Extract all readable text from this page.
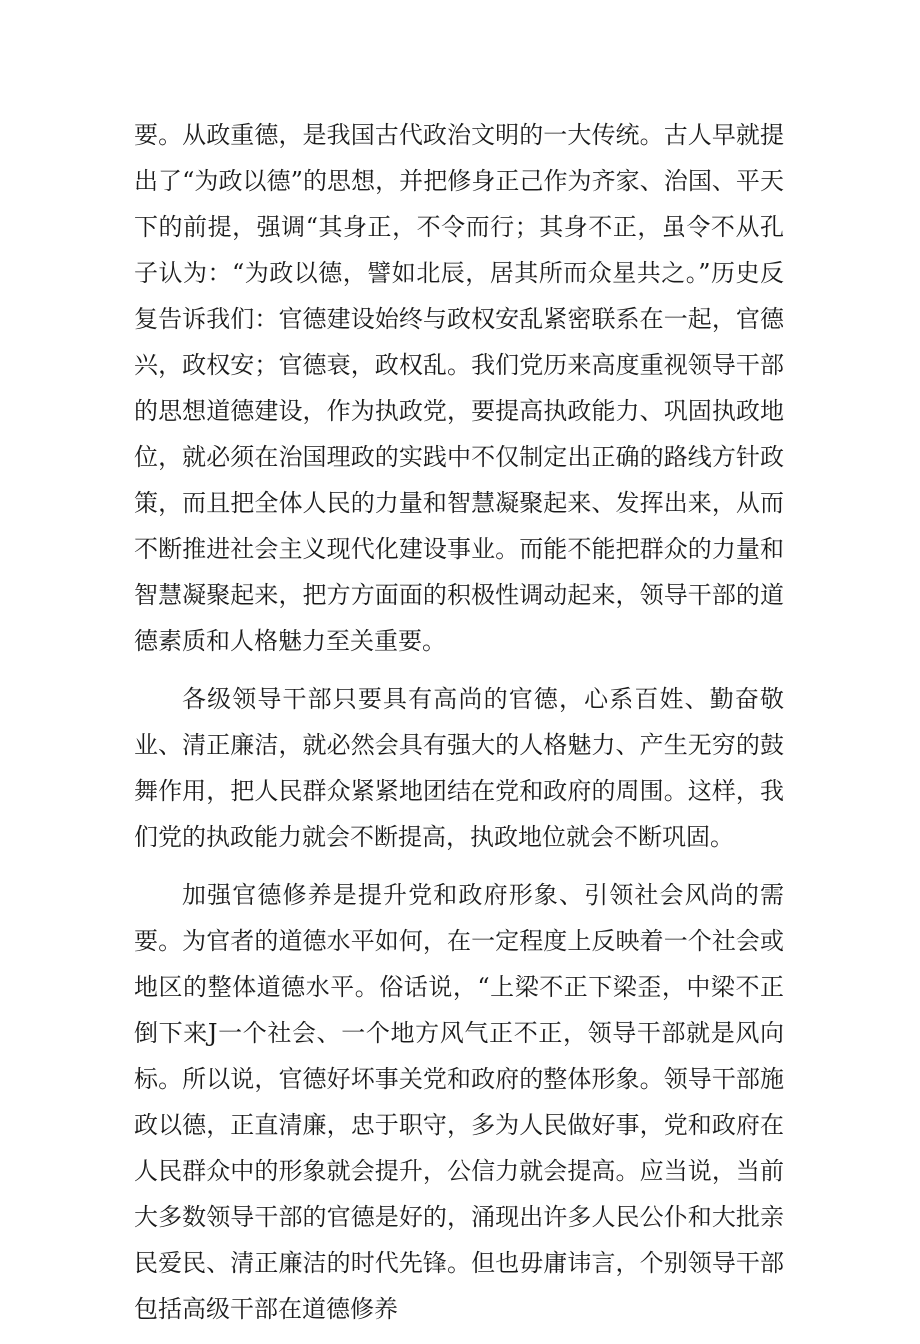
要。从政重德，是我国古代政治文明的一大传统。古人早就提出了“为政以德”的思想，并把修身正己作为齐家、治国、平天下的前提，强调“其身正，不令而行；其身不正，虽令不从孔子认为：“为政以德，譬如北辰，居其所而众星共之。”历史反复告诉我们：官德建设始终与政权安乱紧密联系在一起，官德兴，政权安；官德衰，政权乱。我们党历来高度重视领导干部的思想道德建设，作为执政党，要提高执政能力、巩固执政地位，就必须在治国理政的实践中不仅制定出正确的路线方针政策，而且把全体人民的力量和智慧凝聚起来、发挥出来，从而不断推进社会主义现代化建设事业。而能不能把群众的力量和智慧凝聚起来，把方方面面的积极性调动起来，领导干部的道德素质和人格魅力至关重要。

各级领导干部只要具有高尚的官德，心系百姓、勤奋敬业、清正廉洁，就必然会具有强大的人格魅力、产生无穷的鼓舞作用，把人民群众紧紧地团结在党和政府的周围。这样，我们党的执政能力就会不断提高，执政地位就会不断巩固。

加强官德修养是提升党和政府形象、引领社会风尚的需要。为官者的道德水平如何，在一定程度上反映着一个社会或地区的整体道德水平。俗话说，“上梁不正下梁歪，中梁不正倒下来J一个社会、一个地方风气正不正，领导干部就是风向标。所以说，官德好坏事关党和政府的整体形象。领导干部施政以德，正直清廉，忠于职守，多为人民做好事，党和政府在人民群众中的形象就会提升，公信力就会提高。应当说，当前大多数领导干部的官德是好的，涌现出许多人民公仆和大批亲民爱民、清正廉洁的时代先锋。但也毋庸讳言，个别领导干部包括高级干部在道德修养
